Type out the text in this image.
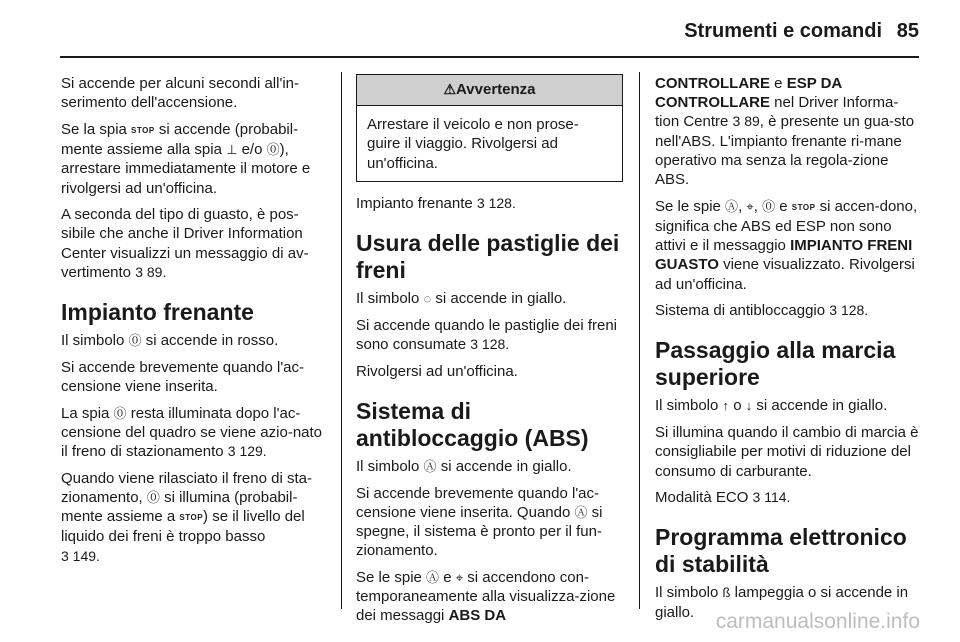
Strumenti e comandi 85

Si accende per alcuni secondi all'in-serimento dell'accensione.

Se la spia STOP si accende (probabil-mente assieme alla spia ⊥ e/o ⓪), arrestare immediatamente il motore e rivolgersi ad un'officina.

A seconda del tipo di guasto, è pos-sibile che anche il Driver Information Center visualizzi un messaggio di av-vertimento 3 89.

Impianto frenante

Il simbolo ⓪ si accende in rosso.

Si accende brevemente quando l'ac-censione viene inserita.

La spia ⓪ resta illuminata dopo l'ac-censione del quadro se viene azio-nato il freno di stazionamento 3 129.

Quando viene rilasciato il freno di sta-zionamento, ⓪ si illumina (probabil-mente assieme a STOP) se il livello del liquido dei freni è troppo basso
3 149.

⚠Avvertenza
Arrestare il veicolo e non prose-guire il viaggio. Rivolgersi ad un'officina.

Impianto frenante 3 128.

Usura delle pastiglie dei freni

Il simbolo ◌ si accende in giallo.

Si accende quando le pastiglie dei freni sono consumate 3 128.

Rivolgersi ad un'officina.

Sistema di antibloccaggio (ABS)

Il simbolo Ⓐ si accende in giallo.

Si accende brevemente quando l'ac-censione viene inserita. Quando Ⓐ si spegne, il sistema è pronto per il fun-zionamento.

Se le spie Ⓐ e ⌖ si accendono con-temporaneamente alla visualizza-zione dei messaggi ABS DA

CONTROLLARE e ESP DA CONTROLLARE nel Driver Informa-tion Centre 3 89, è presente un gua-sto nell'ABS. L'impianto frenante ri-mane operativo ma senza la regola-zione ABS.

Se le spie Ⓐ, ⌖, ⓪ e STOP si accen-dono, significa che ABS ed ESP non sono attivi e il messaggio IMPIANTO FRENI GUASTO viene visualizzato. Rivolgersi ad un'officina.

Sistema di antibloccaggio 3 128.

Passaggio alla marcia superiore

Il simbolo ↑ o ↓ si accende in giallo.

Si illumina quando il cambio di marcia è consigliabile per motivi di riduzione del consumo di carburante.

Modalità ECO 3 114.

Programma elettronico di stabilità

Il simbolo ß lampeggia o si accende in giallo.	carmanualsonline.info
